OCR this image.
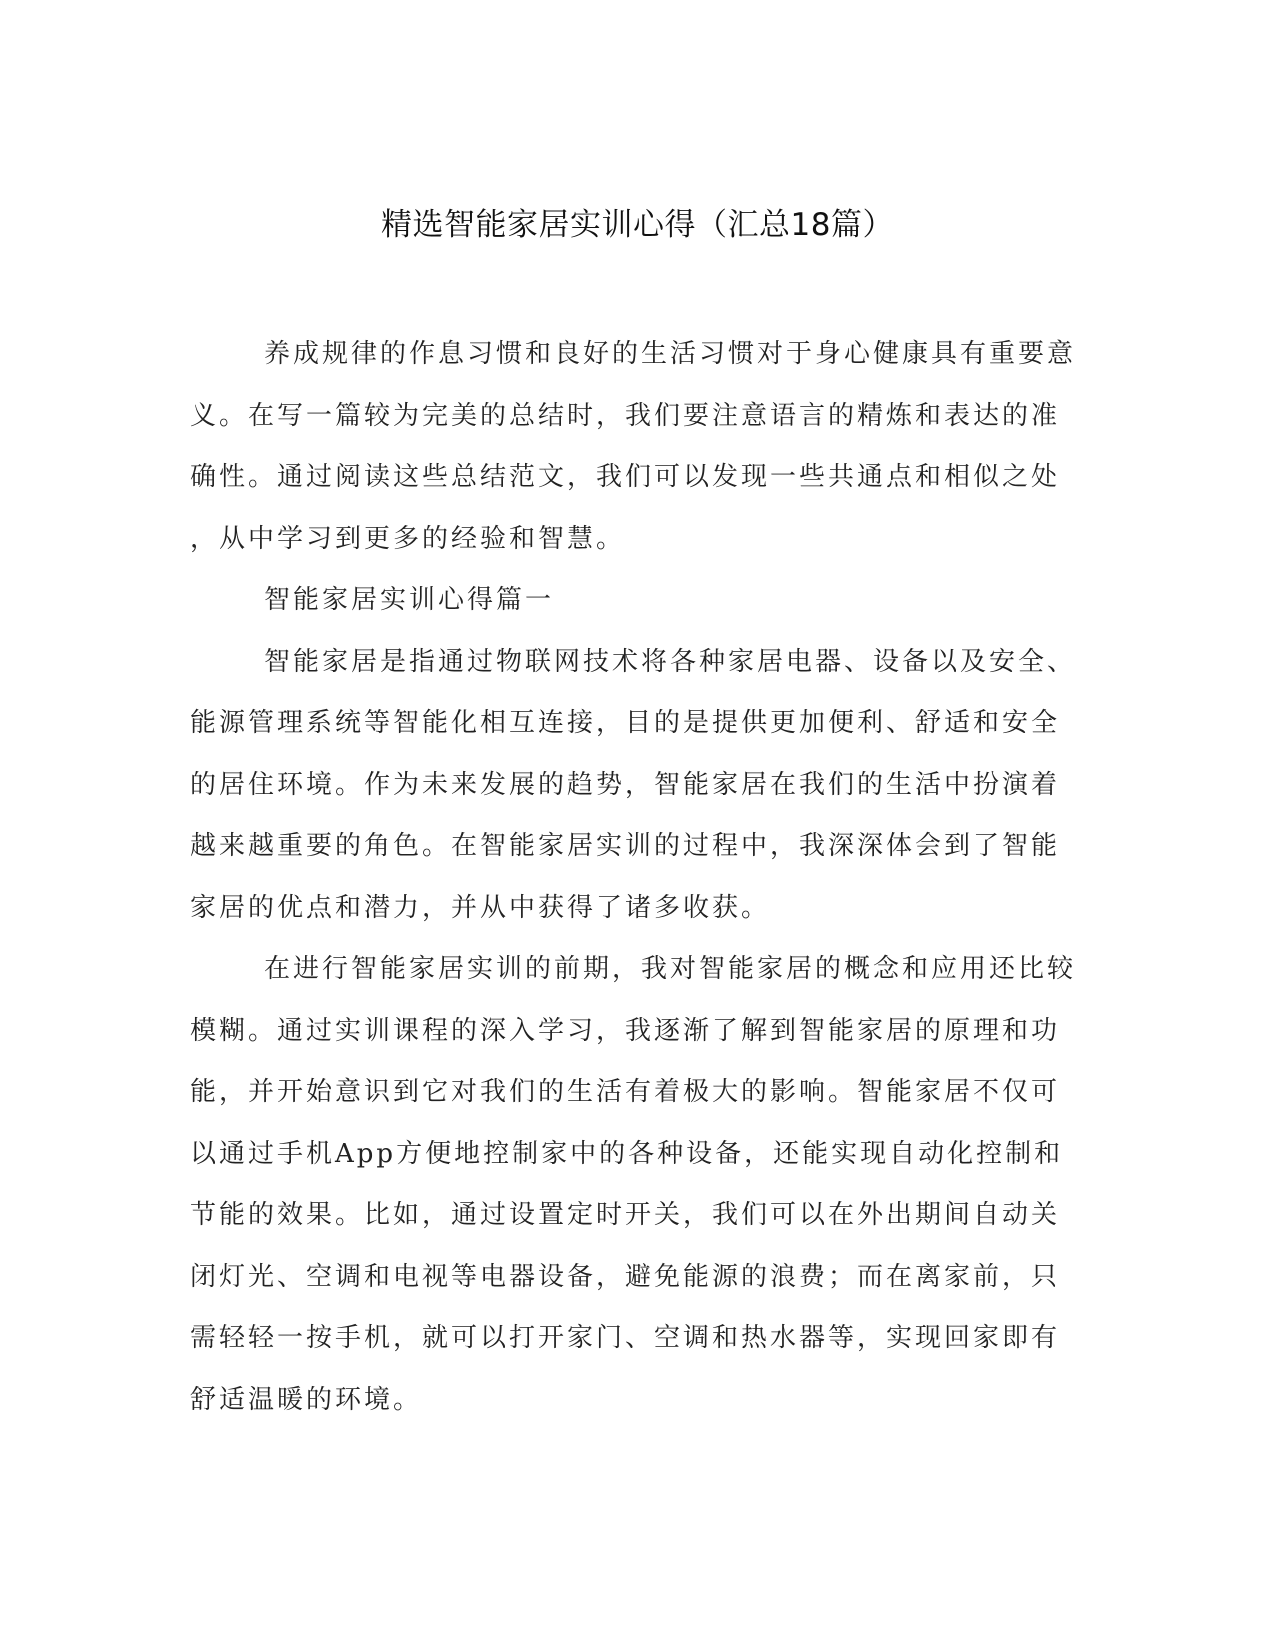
精选智能家居实训心得（汇总18篇）
养成规律的作息习惯和良好的生活习惯对于身心健康具有重要意
义。在写一篇较为完美的总结时，我们要注意语言的精炼和表达的准
确性。通过阅读这些总结范文，我们可以发现一些共通点和相似之处
，从中学习到更多的经验和智慧。
智能家居实训心得篇一
智能家居是指通过物联网技术将各种家居电器、设备以及安全、
能源管理系统等智能化相互连接，目的是提供更加便利、舒适和安全
的居住环境。作为未来发展的趋势，智能家居在我们的生活中扮演着
越来越重要的角色。在智能家居实训的过程中，我深深体会到了智能
家居的优点和潜力，并从中获得了诸多收获。
在进行智能家居实训的前期，我对智能家居的概念和应用还比较
模糊。通过实训课程的深入学习，我逐渐了解到智能家居的原理和功
能，并开始意识到它对我们的生活有着极大的影响。智能家居不仅可
以通过手机App方便地控制家中的各种设备，还能实现自动化控制和
节能的效果。比如，通过设置定时开关，我们可以在外出期间自动关
闭灯光、空调和电视等电器设备，避免能源的浪费；而在离家前，只
需轻轻一按手机，就可以打开家门、空调和热水器等，实现回家即有
舒适温暖的环境。
